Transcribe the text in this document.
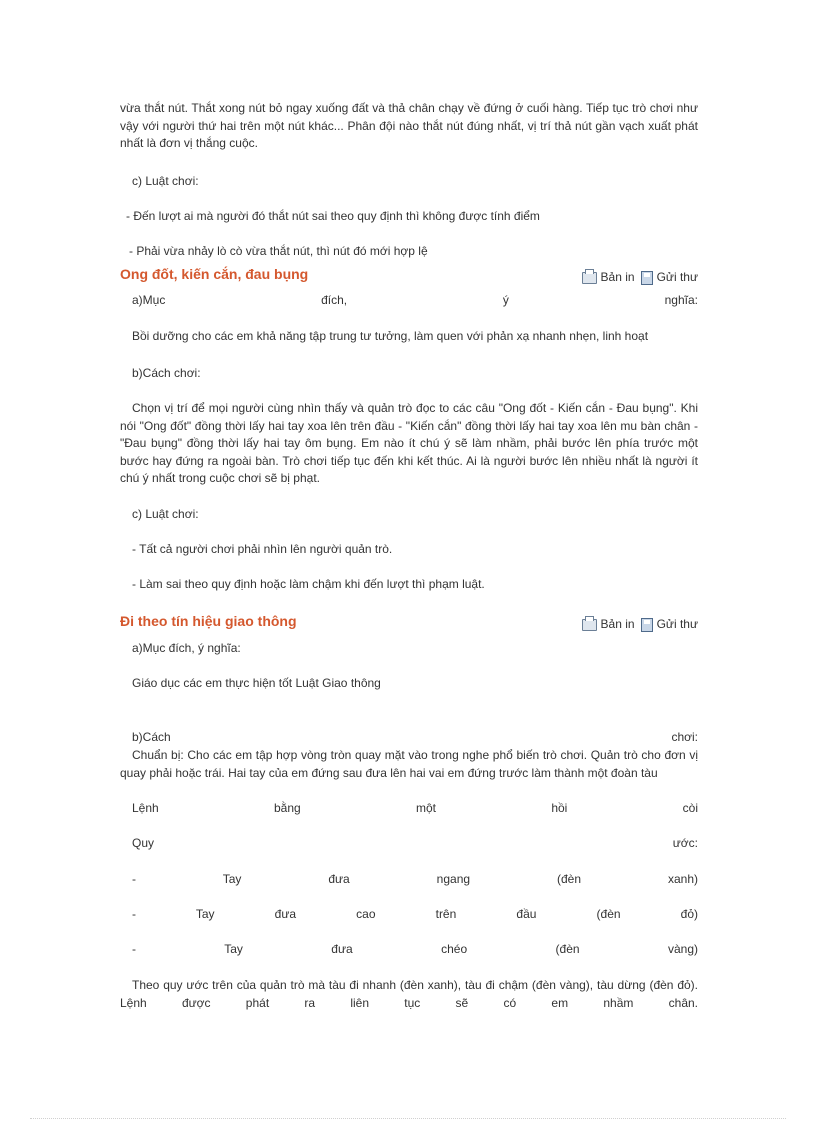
vừa thắt nút. Thắt xong nút bỏ ngay xuống đất và thả chân chạy về đứng ở cuối hàng. Tiếp tục trò chơi như vậy với người thứ hai trên một nút khác... Phân đội nào thắt nút đúng nhất, vị trí thả nút gần vạch xuất phát nhất là đơn vị thắng cuộc.

c) Luật chơi:

- Đến lượt ai mà người đó thắt nút sai theo quy định thì không được tính điểm

- Phải vừa nhảy lò cò vừa thắt nút, thì nút đó mới hợp lệ

Ong đốt, kiến cắn, đau bụng	Bản in Gửi thư

a)Mục đích, ý nghĩa:

Bồi dưỡng cho các em khả năng tập trung tư tưởng, làm quen với phản xạ nhanh nhẹn, linh hoạt

b)Cách chơi:

Chọn vị trí để mọi người cùng nhìn thấy và quản trò đọc to các câu "Ong đốt - Kiến cắn - Đau bụng". Khi nói "Ong đốt" đồng thời lấy hai tay xoa lên trên đầu - "Kiến cắn" đồng thời lấy hai tay xoa lên mu bàn chân - "Đau bụng" đồng thời lấy hai tay ôm bụng. Em nào ít chú ý sẽ làm nhầm, phải bước lên phía trước một bước hay đứng ra ngoài bàn. Trò chơi tiếp tục đến khi kết thúc. Ai là người bước lên nhiều nhất là người ít chú ý nhất trong cuộc chơi sẽ bị phạt.

c) Luật chơi:

- Tất cả người chơi phải nhìn lên người quản trò.

- Làm sai theo quy định hoặc làm chậm khi đến lượt thì phạm luật.

Đi theo tín hiệu giao thông	Bản in Gửi thư

a)Mục đích, ý nghĩa:

Giáo dục các em thực hiện tốt Luật Giao thông

b)Cách chơi:

Chuẩn bị: Cho các em tập hợp vòng tròn quay mặt vào trong nghe phổ biến trò chơi. Quản trò cho đơn vị quay phải hoặc trái. Hai tay của em đứng sau đưa lên hai vai em đứng trước làm thành một đoàn tàu

Lệnh bằng một hồi còi

Quy ước:

- Tay đưa ngang (đèn xanh)

- Tay đưa cao trên đầu (đèn đỏ)

- Tay đưa chéo (đèn vàng)

Theo quy ước trên của quản trò mà tàu đi nhanh (đèn xanh), tàu đi chậm (đèn vàng), tàu dừng (đèn đỏ). Lệnh được phát ra liên tục sẽ có em nhầm chân.
